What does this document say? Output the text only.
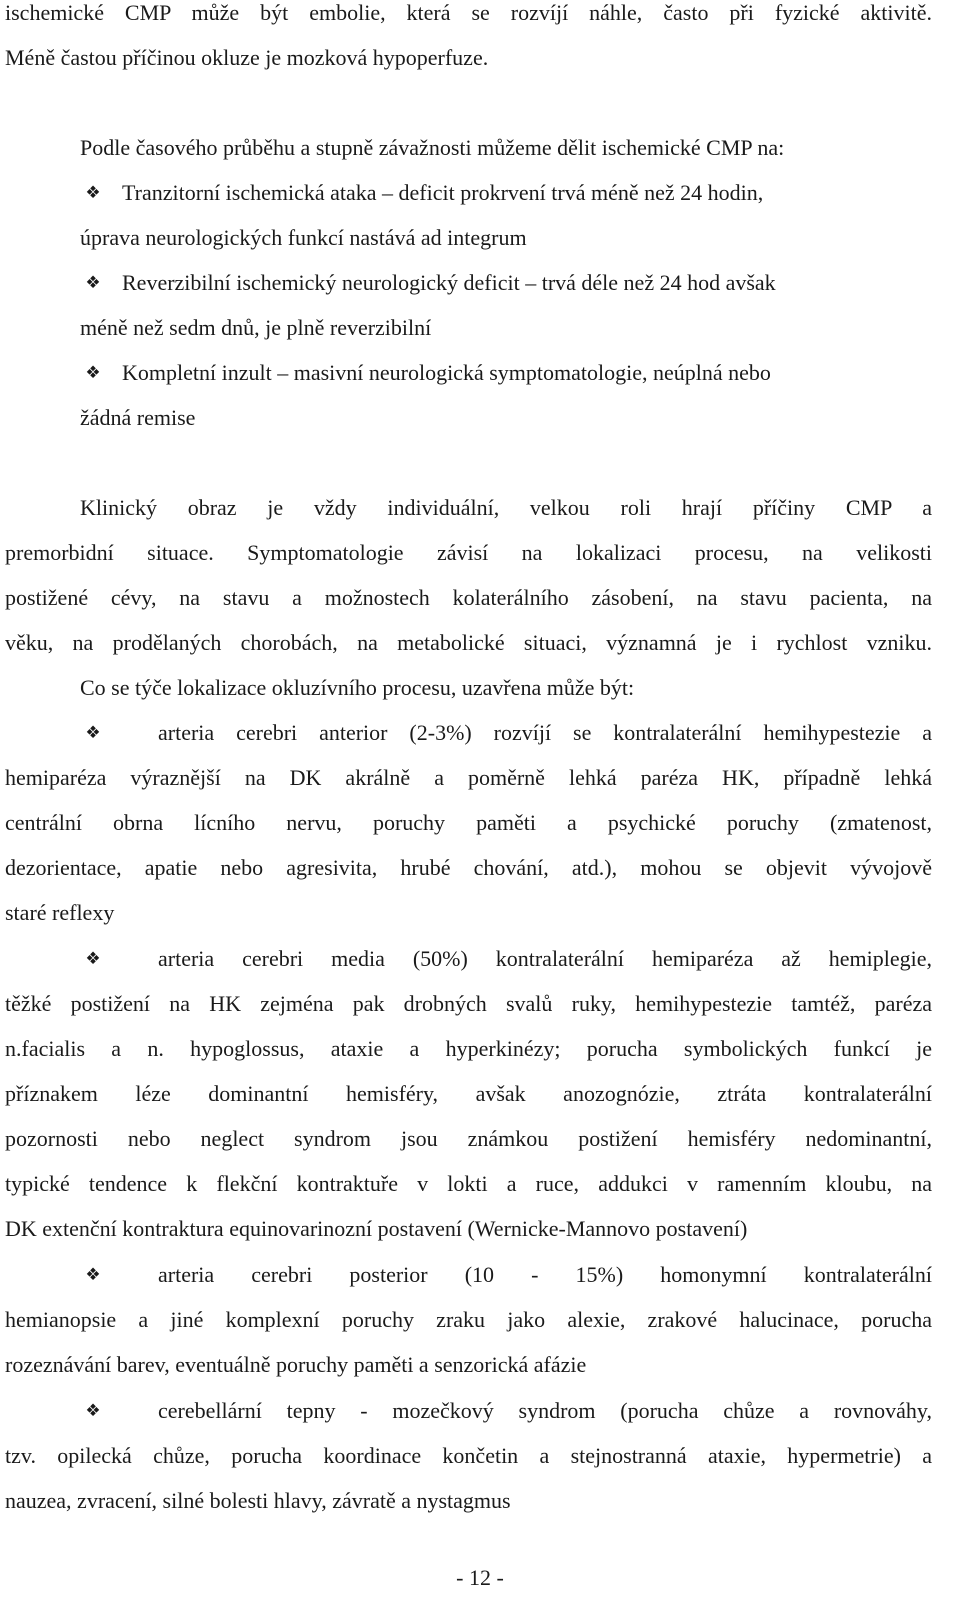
ischemické CMP může být embolie, která se rozvíjí náhle, často při fyzické aktivitě.
Méně častou příčinou okluze je mozková hypoperfuze.
Podle časového průběhu a stupně závažnosti můžeme dělit ischemické CMP na:
❖ Tranzitorní ischemická ataka – deficit prokrvení trvá méně než 24 hodin,
úprava neurologických funkcí nastává ad integrum
❖ Reverzibilní ischemický neurologický deficit – trvá déle než 24 hod avšak
méně než sedm dnů, je plně reverzibilní
❖ Kompletní inzult – masivní neurologická symptomatologie, neúplná nebo
žádná remise
Klinický obraz je vždy individuální, velkou roli hrají příčiny CMP a
premorbidní situace. Symptomatologie závisí na lokalizaci procesu, na velikosti
postižené cévy, na stavu a možnostech kolaterálního zásobení, na stavu pacienta, na
věku, na prodělaných chorobách, na metabolické situaci, významná je i rychlost vzniku.
Co se týče lokalizace okluzívního procesu, uzavřena může být:
❖	arteria cerebri anterior (2-3%) rozvíjí se kontralaterální hemihypestezie a
hemiparéza výraznější na DK akrálně a poměrně lehká paréza HK, případně lehká
centrální obrna lícního nervu, poruchy paměti a psychické poruchy (zmatenost,
dezorientace, apatie nebo agresivita, hrubé chování, atd.), mohou se objevit vývojově
staré reflexy
❖	arteria cerebri media (50%) kontralaterální hemiparéza až hemiplegie,
těžké postižení na HK zejména pak drobných svalů ruky, hemihypestezie tamtéž, paréza
n.facialis a n. hypoglossus, ataxie a hyperkinézy; porucha symbolických funkcí je
příznakem léze dominantní hemisféry, avšak anozognózie, ztráta kontralaterální
pozornosti nebo neglect syndrom jsou známkou postižení hemisféry nedominantní,
typické tendence k flekční kontraktuře v lokti a ruce, addukci v ramenním kloubu, na
DK extenční kontraktura equinovarinozní postavení (Wernicke-Mannovo postavení)
❖	arteria cerebri posterior (10 - 15%) homonymní kontralaterální
hemianopsie a jiné komplexní poruchy zraku jako alexie, zrakové halucinace, porucha
rozeznávání barev, eventuálně poruchy paměti a senzorická afázie
❖	cerebellární tepny - mozečkový syndrom (porucha chůze a rovnováhy,
tzv. opilecká chůze, porucha koordinace končetin a stejnostranná ataxie, hypermetrie) a
nauzea, zvracení, silné bolesti hlavy, závratě a nystagmus
- 12 -
